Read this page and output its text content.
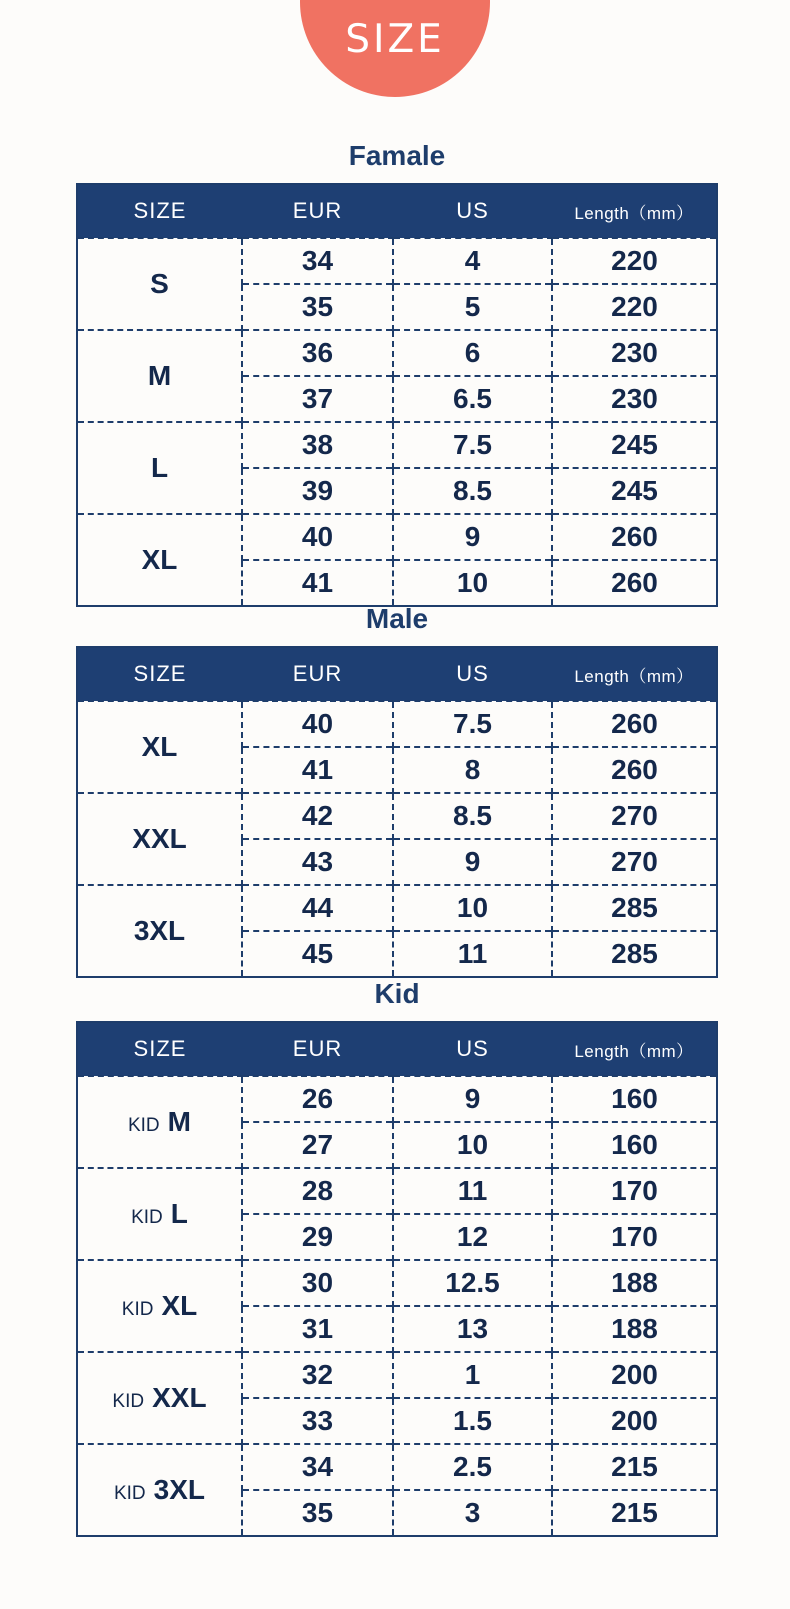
SIZE
Famale
SIZE	EUR	US	Length（mm）
S	34	4	220
	35	5	220
M	36	6	230
	37	6.5	230
L	38	7.5	245
	39	8.5	245
XL	40	9	260
	41	10	260
Male
SIZE	EUR	US	Length（mm）
XL	40	7.5	260
	41	8	260
XXL	42	8.5	270
	43	9	270
3XL	44	10	285
	45	11	285
Kid
SIZE	EUR	US	Length（mm）
KID M	26	9	160
	27	10	160
KID L	28	11	170
	29	12	170
KID XL	30	12.5	188
	31	13	188
KID XXL	32	1	200
	33	1.5	200
KID 3XL	34	2.5	215
	35	3	215
